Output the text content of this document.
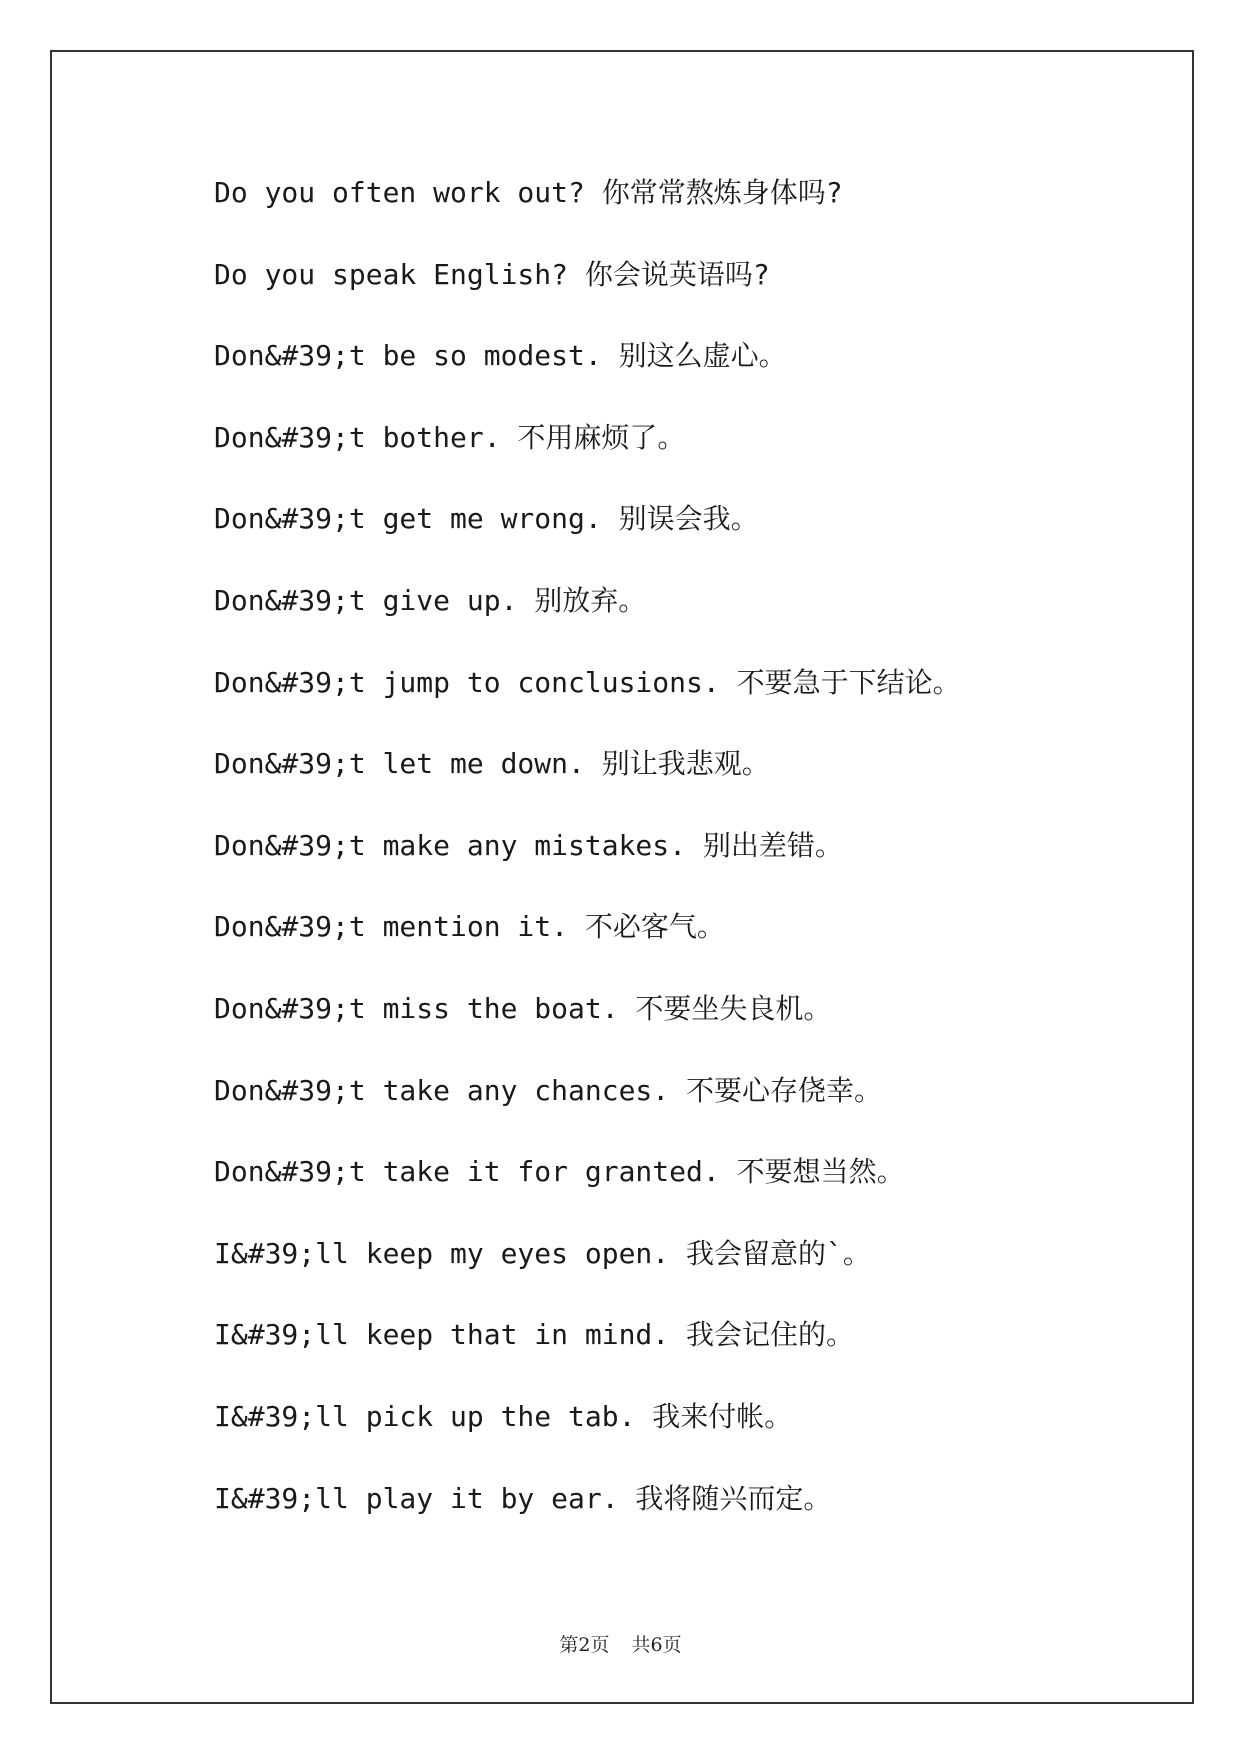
Do you often work out? 你常常熬炼身体吗?
Do you speak English? 你会说英语吗?
Don&#39;t be so modest. 别这么虚心。
Don&#39;t bother. 不用麻烦了。
Don&#39;t get me wrong. 别误会我。
Don&#39;t give up. 别放弃。
Don&#39;t jump to conclusions. 不要急于下结论。
Don&#39;t let me down. 别让我悲观。
Don&#39;t make any mistakes. 别出差错。
Don&#39;t mention it. 不必客气。
Don&#39;t miss the boat. 不要坐失良机。
Don&#39;t take any chances. 不要心存侥幸。
Don&#39;t take it for granted. 不要想当然。
I&#39;ll keep my eyes open. 我会留意的`。
I&#39;ll keep that in mind. 我会记住的。
I&#39;ll pick up the tab. 我来付帐。
I&#39;ll play it by ear. 我将随兴而定。
第2页 共6页
